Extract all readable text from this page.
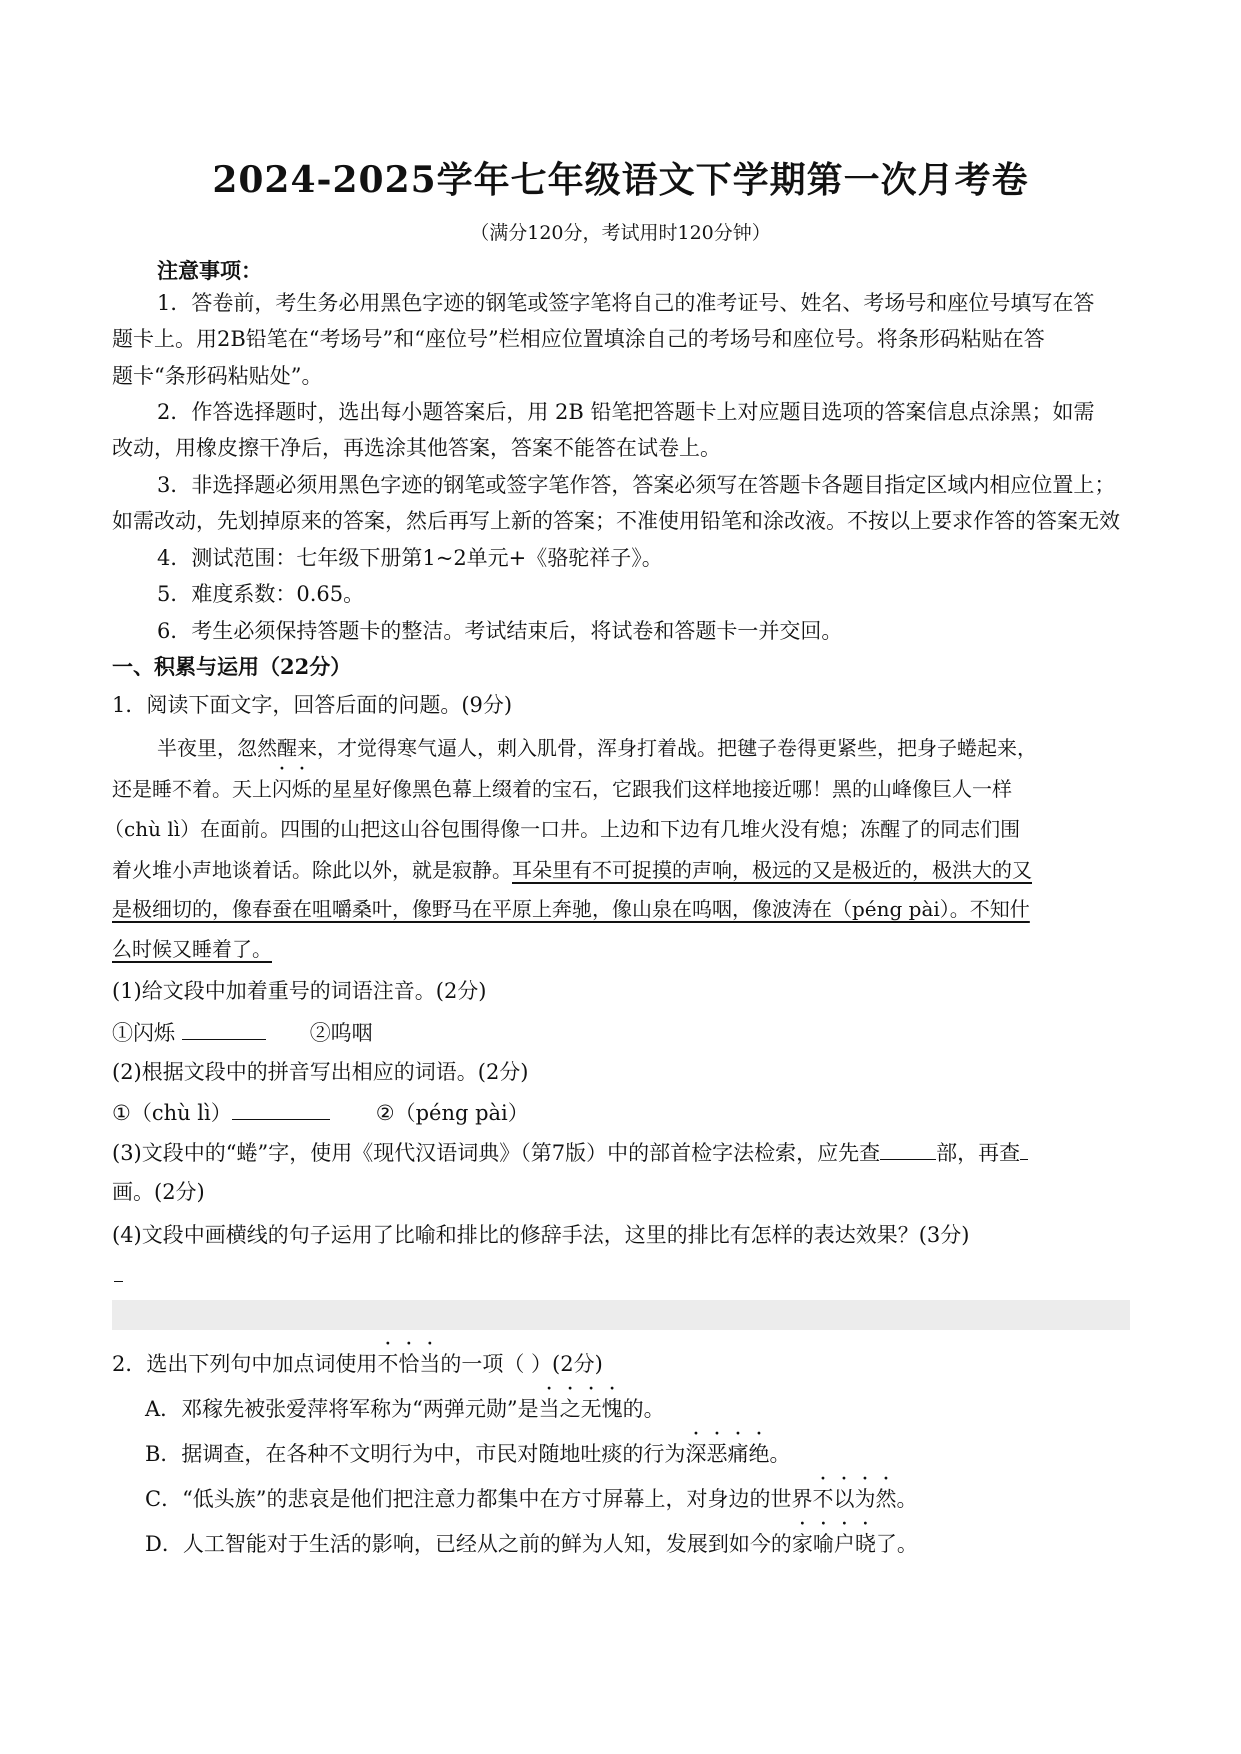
2024-2025学年七年级语文下学期第一次月考卷
（满分120分，考试用时120分钟）
注意事项：
1．答卷前，考生务必用黑色字迹的钢笔或签字笔将自己的准考证号、姓名、考场号和座位号填写在答
题卡上。用2B铅笔在“考场号”和“座位号”栏相应位置填涂自己的考场号和座位号。将条形码粘贴在答
题卡“条形码粘贴处”。
2．作答选择题时，选出每小题答案后，用 2B 铅笔把答题卡上对应题目选项的答案信息点涂黑；如需
改动，用橡皮擦干净后，再选涂其他答案，答案不能答在试卷上。
3．非选择题必须用黑色字迹的钢笔或签字笔作答，答案必须写在答题卡各题目指定区域内相应位置上；
如需改动，先划掉原来的答案，然后再写上新的答案；不准使用铅笔和涂改液。不按以上要求作答的答案无效
4．测试范围：七年级下册第1~2单元+《骆驼祥子》。
5．难度系数：0.65。
6．考生必须保持答题卡的整洁。考试结束后，将试卷和答题卡一并交回。
一、积累与运用（22分）
1．阅读下面文字，回答后面的问题。(9分)
半夜里，忽然醒来，才觉得寒气逼人，刺入肌骨，浑身打着战。把毽子卷得更紧些，把身子蜷起来，
还是睡不着。天上闪烁的星星好像黑色幕上缀着的宝石，它跟我们这样地接近哪！黑的山峰像巨人一样
（chù lì）在面前。四围的山把这山谷包围得像一口井。上边和下边有几堆火没有熄；冻醒了的同志们围
着火堆小声地谈着话。除此以外，就是寂静。耳朵里有不可捉摸的声响，极远的又是极近的，极洪大的又
是极细切的，像春蚕在咀嚼桑叶，像野马在平原上奔驰，像山泉在呜咽，像波涛在（péng pài）。不知什
么时候又睡着了。
(1)给文段中加着重号的词语注音。(2分)
①闪烁	②呜咽
(2)根据文段中的拼音写出相应的词语。(2分)
①（chù lì）	②（péng pài）
(3)文段中的“蜷”字，使用《现代汉语词典》（第7版）中的部首检字法检索，应先查	部，再查
画。(2分)
(4)文段中画横线的句子运用了比喻和排比的修辞手法，这里的排比有怎样的表达效果？(3分)
2．选出下列句中加点词使用不恰当的一项（ ）(2分)
A．邓稼先被张爱萍将军称为“两弹元勋”是当之无愧的。
B．据调查，在各种不文明行为中，市民对随地吐痰的行为深恶痛绝。
C．“低头族”的悲哀是他们把注意力都集中在方寸屏幕上，对身边的世界不以为然。
D．人工智能对于生活的影响，已经从之前的鲜为人知，发展到如今的家喻户晓了。
